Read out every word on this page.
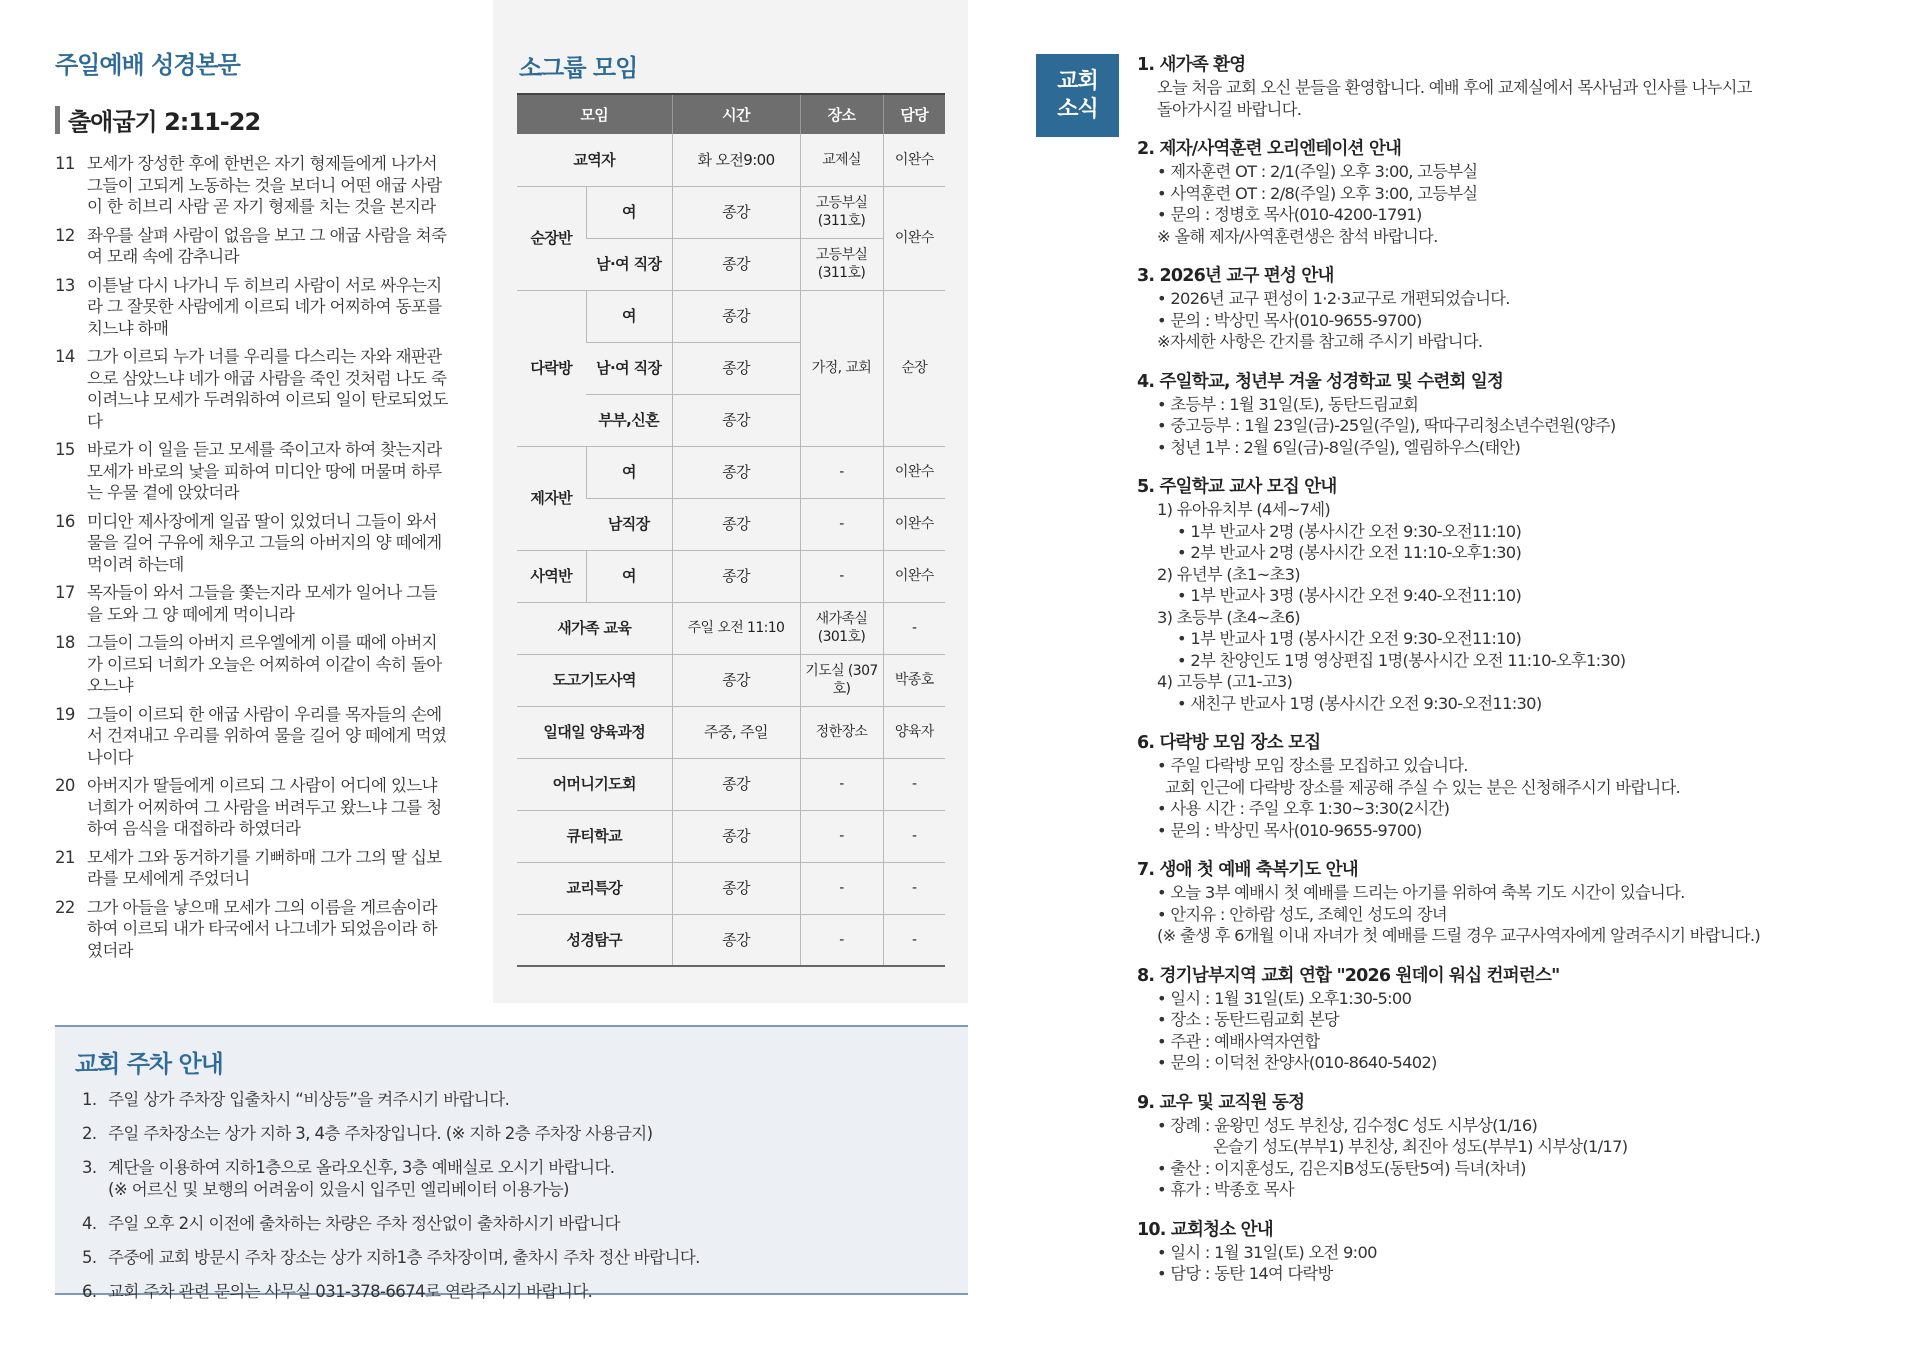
주일예배 성경본문
출애굽기 2:11-22
11 모세가 장성한 후에 한번은 자기 형제들에게 나가서 그들이 고되게 노동하는 것을 보더니 어떤 애굽 사람이 한 히브리 사람 곧 자기 형제를 치는 것을 본지라
12 좌우를 살펴 사람이 없음을 보고 그 애굽 사람을 쳐죽여 모래 속에 감추니라
13 이튿날 다시 나가니 두 히브리 사람이 서로 싸우는지라 그 잘못한 사람에게 이르되 네가 어찌하여 동포를 치느냐 하매
14 그가 이르되 누가 너를 우리를 다스리는 자와 재판관으로 삼았느냐 네가 애굽 사람을 죽인 것처럼 나도 죽이려느냐 모세가 두려워하여 이르되 일이 탄로되었도다
15 바로가 이 일을 듣고 모세를 죽이고자 하여 찾는지라 모세가 바로의 낯을 피하여 미디안 땅에 머물며 하루는 우물 곁에 앉았더라
16 미디안 제사장에게 일곱 딸이 있었더니 그들이 와서 물을 길어 구유에 채우고 그들의 아버지의 양 떼에게 먹이려 하는데
17 목자들이 와서 그들을 쫓는지라 모세가 일어나 그들을 도와 그 양 떼에게 먹이니라
18 그들이 그들의 아버지 르우엘에게 이를 때에 아버지가 이르되 너희가 오늘은 어찌하여 이같이 속히 돌아오느냐
19 그들이 이르되 한 애굽 사람이 우리를 목자들의 손에서 건져내고 우리를 위하여 물을 길어 양 떼에게 먹였나이다
20 아버지가 딸들에게 이르되 그 사람이 어디에 있느냐 너희가 어찌하여 그 사람을 버려두고 왔느냐 그를 청하여 음식을 대접하라 하였더라
21 모세가 그와 동거하기를 기뻐하매 그가 그의 딸 십보라를 모세에게 주었더니
22 그가 아들을 낳으매 모세가 그의 이름을 게르솜이라 하여 이르되 내가 타국에서 나그네가 되었음이라 하였더라
소그룹 모임
모임		시간	장소	담당
교역자		화 오전9:00	교제실	이완수
순장반	여	종강	고등부실 (311호)	이완수
	남·여 직장	종강	고등부실 (311호)	
다락방	여	종강	가정, 교회	순장
	남·여 직장	종강		
	부부,신혼	종강		
제자반	여	종강	-	이완수
	남직장	종강	-	이완수
사역반	여	종강	-	이완수
새가족 교육		주일 오전 11:10	새가족실 (301호)	-
도고기도사역		종강	기도실 (307호)	박종호
일대일 양육과정		주중, 주일	정한장소	양육자
어머니기도회		종강	-	-
큐티학교		종강	-	-
교리특강		종강	-	-
성경탐구		종강	-	-
교회 주차 안내
1. 주일 상가 주차장 입출차시 “비상등”을 켜주시기 바랍니다.
2. 주일 주차장소는 상가 지하 3, 4층 주차장입니다. (※ 지하 2층 주차장 사용금지)
3. 계단을 이용하여 지하1층으로 올라오신후, 3층 예배실로 오시기 바랍니다.
(※ 어르신 및 보행의 어려움이 있을시 입주민 엘리베이터 이용가능)
4. 주일 오후 2시 이전에 출차하는 차량은 주차 정산없이 출차하시기 바랍니다
5. 주중에 교회 방문시 주차 장소는 상가 지하1층 주차장이며, 출차시 주차 정산 바랍니다.
6. 교회 주차 관련 문의는 사무실 031-378-6674로 연락주시기 바랍니다.
교회
소식
1. 새가족 환영
오늘 처음 교회 오신 분들을 환영합니다. 예배 후에 교제실에서 목사님과 인사를 나누시고
돌아가시길 바랍니다.
2. 제자/사역훈련 오리엔테이션 안내
• 제자훈련 OT : 2/1(주일) 오후 3:00, 고등부실
• 사역훈련 OT : 2/8(주일) 오후 3:00, 고등부실
• 문의 : 정병호 목사(010-4200-1791)
※ 올해 제자/사역훈련생은 참석 바랍니다.
3. 2026년 교구 편성 안내
• 2026년 교구 편성이 1·2·3교구로 개편되었습니다.
• 문의 : 박상민 목사(010-9655-9700)
※자세한 사항은 간지를 참고해 주시기 바랍니다.
4. 주일학교, 청년부 겨울 성경학교 및 수련회 일정
• 초등부 : 1월 31일(토), 동탄드림교회
• 중고등부 : 1월 23일(금)-25일(주일), 딱따구리청소년수련원(양주)
• 청년 1부 : 2월 6일(금)-8일(주일), 엘림하우스(태안)
5. 주일학교 교사 모집 안내
1) 유아유치부 (4세~7세)
• 1부 반교사 2명 (봉사시간 오전 9:30-오전11:10)
• 2부 반교사 2명 (봉사시간 오전 11:10-오후1:30)
2) 유년부 (초1~초3)
• 1부 반교사 3명 (봉사시간 오전 9:40-오전11:10)
3) 초등부 (초4~초6)
• 1부 반교사 1명 (봉사시간 오전 9:30-오전11:10)
• 2부 찬양인도 1명 영상편집 1명(봉사시간 오전 11:10-오후1:30)
4) 고등부 (고1-고3)
• 새친구 반교사 1명 (봉사시간 오전 9:30-오전11:30)
6. 다락방 모임 장소 모집
• 주일 다락방 모임 장소를 모집하고 있습니다.
교회 인근에 다락방 장소를 제공해 주실 수 있는 분은 신청해주시기 바랍니다.
• 사용 시간 : 주일 오후 1:30~3:30(2시간)
• 문의 : 박상민 목사(010-9655-9700)
7. 생애 첫 예배 축복기도 안내
• 오늘 3부 예배시 첫 예배를 드리는 아기를 위하여 축복 기도 시간이 있습니다.
• 안지유 : 안하람 성도, 조혜인 성도의 장녀
(※ 출생 후 6개월 이내 자녀가 첫 예배를 드릴 경우 교구사역자에게 알려주시기 바랍니다.)
8. 경기남부지역 교회 연합 "2026 원데이 워십 컨퍼런스"
• 일시 : 1월 31일(토) 오후1:30-5:00
• 장소 : 동탄드림교회 본당
• 주관 : 예배사역자연합
• 문의 : 이덕천 찬양사(010-8640-5402)
9. 교우 및 교직원 동정
• 장례 : 윤왕민 성도 부친상, 김수정C 성도 시부상(1/16)
온슬기 성도(부부1) 부친상, 최진아 성도(부부1) 시부상(1/17)
• 출산 : 이지훈성도, 김은지B성도(동탄5여) 득녀(차녀)
• 휴가 : 박종호 목사
10. 교회청소 안내
• 일시 : 1월 31일(토) 오전 9:00
• 담당 : 동탄 14여 다락방
